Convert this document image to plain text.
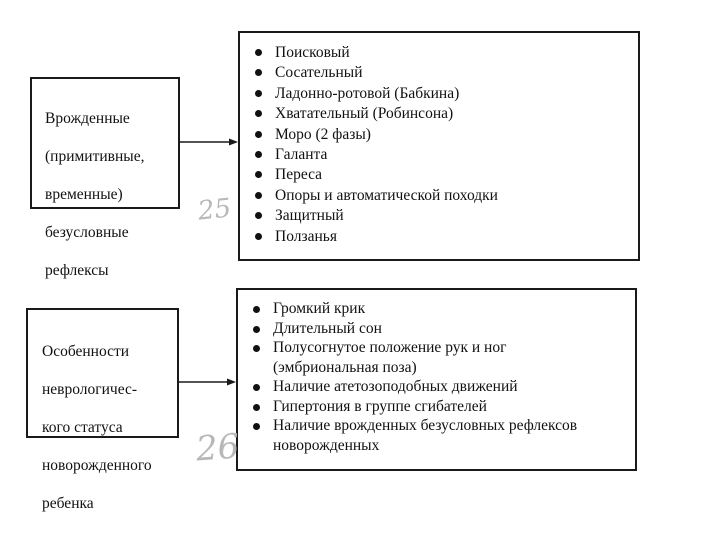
Врожденные

(примитивные,

временные)

безусловные

рефлексы

Поисковый
Сосательный
Ладонно-ротовой (Бабкина)
Хватательный (Робинсона)
Моро (2 фазы)
Галанта
Переса
Опоры и автоматической походки
Защитный
Ползанья

Особенности

неврологичес-

кого статуса

новорожденного

ребенка

Громкий крик
Длительный сон
Полусогнутое положение рук и ног
(эмбриональная поза)
Наличие атетозоподобных движений
Гипертония в группе сгибателей
Наличие врожденных безусловных рефлексов
новорожденных
25
26
